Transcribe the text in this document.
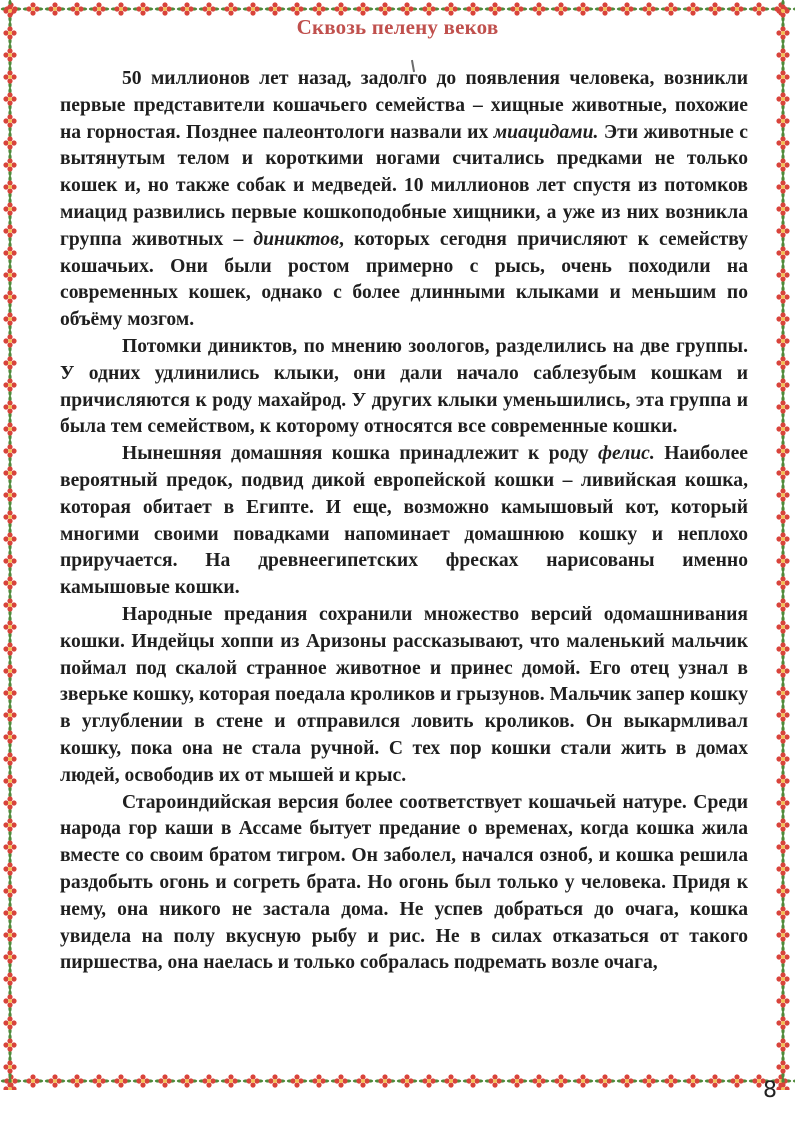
Сквозь пелену веков

50 миллионов лет назад, задолго до появления человека, возникли первые представители кошачьего семейства – хищные животные, похожие на горностая. Позднее палеонтологи назвали их миацидами. Эти животные с вытянутым телом и короткими ногами считались предками не только кошек и, но также собак и медведей. 10 миллионов лет спустя из потомков миацид развились первые кошкоподобные хищники, а уже из них возникла группа животных – диниктов, которых сегодня причисляют к семейству кошачьих. Они были ростом примерно с рысь, очень походили на современных кошек, однако с более длинными клыками и меньшим по объёму мозгом.

Потомки диниктов, по мнению зоологов, разделились на две группы. У одних удлинились клыки, они дали начало саблезубым кошкам и причисляются к роду махайрод. У других клыки уменьшились, эта группа и была тем семейством, к которому относятся все современные кошки.

Нынешняя домашняя кошка принадлежит к роду фелис. Наиболее вероятный предок, подвид дикой европейской кошки – ливийская кошка, которая обитает в Египте. И еще, возможно камышовый кот, который многими своими повадками напоминает домашнюю кошку и неплохо приручается. На древнеегипетских фресках нарисованы именно камышовые кошки.

Народные предания сохранили множество версий одомашнивания кошки. Индейцы хоппи из Аризоны рассказывают, что маленький мальчик поймал под скалой странное животное и принес домой. Его отец узнал в зверьке кошку, которая поедала кроликов и грызунов. Мальчик запер кошку в углублении в стене и отправился ловить кроликов. Он выкармливал кошку, пока она не стала ручной. С тех пор кошки стали жить в домах людей, освободив их от мышей и крыс.

Староиндийская версия более соответствует кошачьей натуре. Среди народа гор каши в Ассаме бытует предание о временах, когда кошка жила вместе со своим братом тигром. Он заболел, начался озноб, и кошка решила раздобыть огонь и согреть брата. Но огонь был только у человека. Придя к нему, она никого не застала дома. Не успев добраться до очага, кошка увидела на полу вкусную рыбу и рис. Не в силах отказаться от такого пиршества, она наелась и только собралась подремать возле очага,

8
